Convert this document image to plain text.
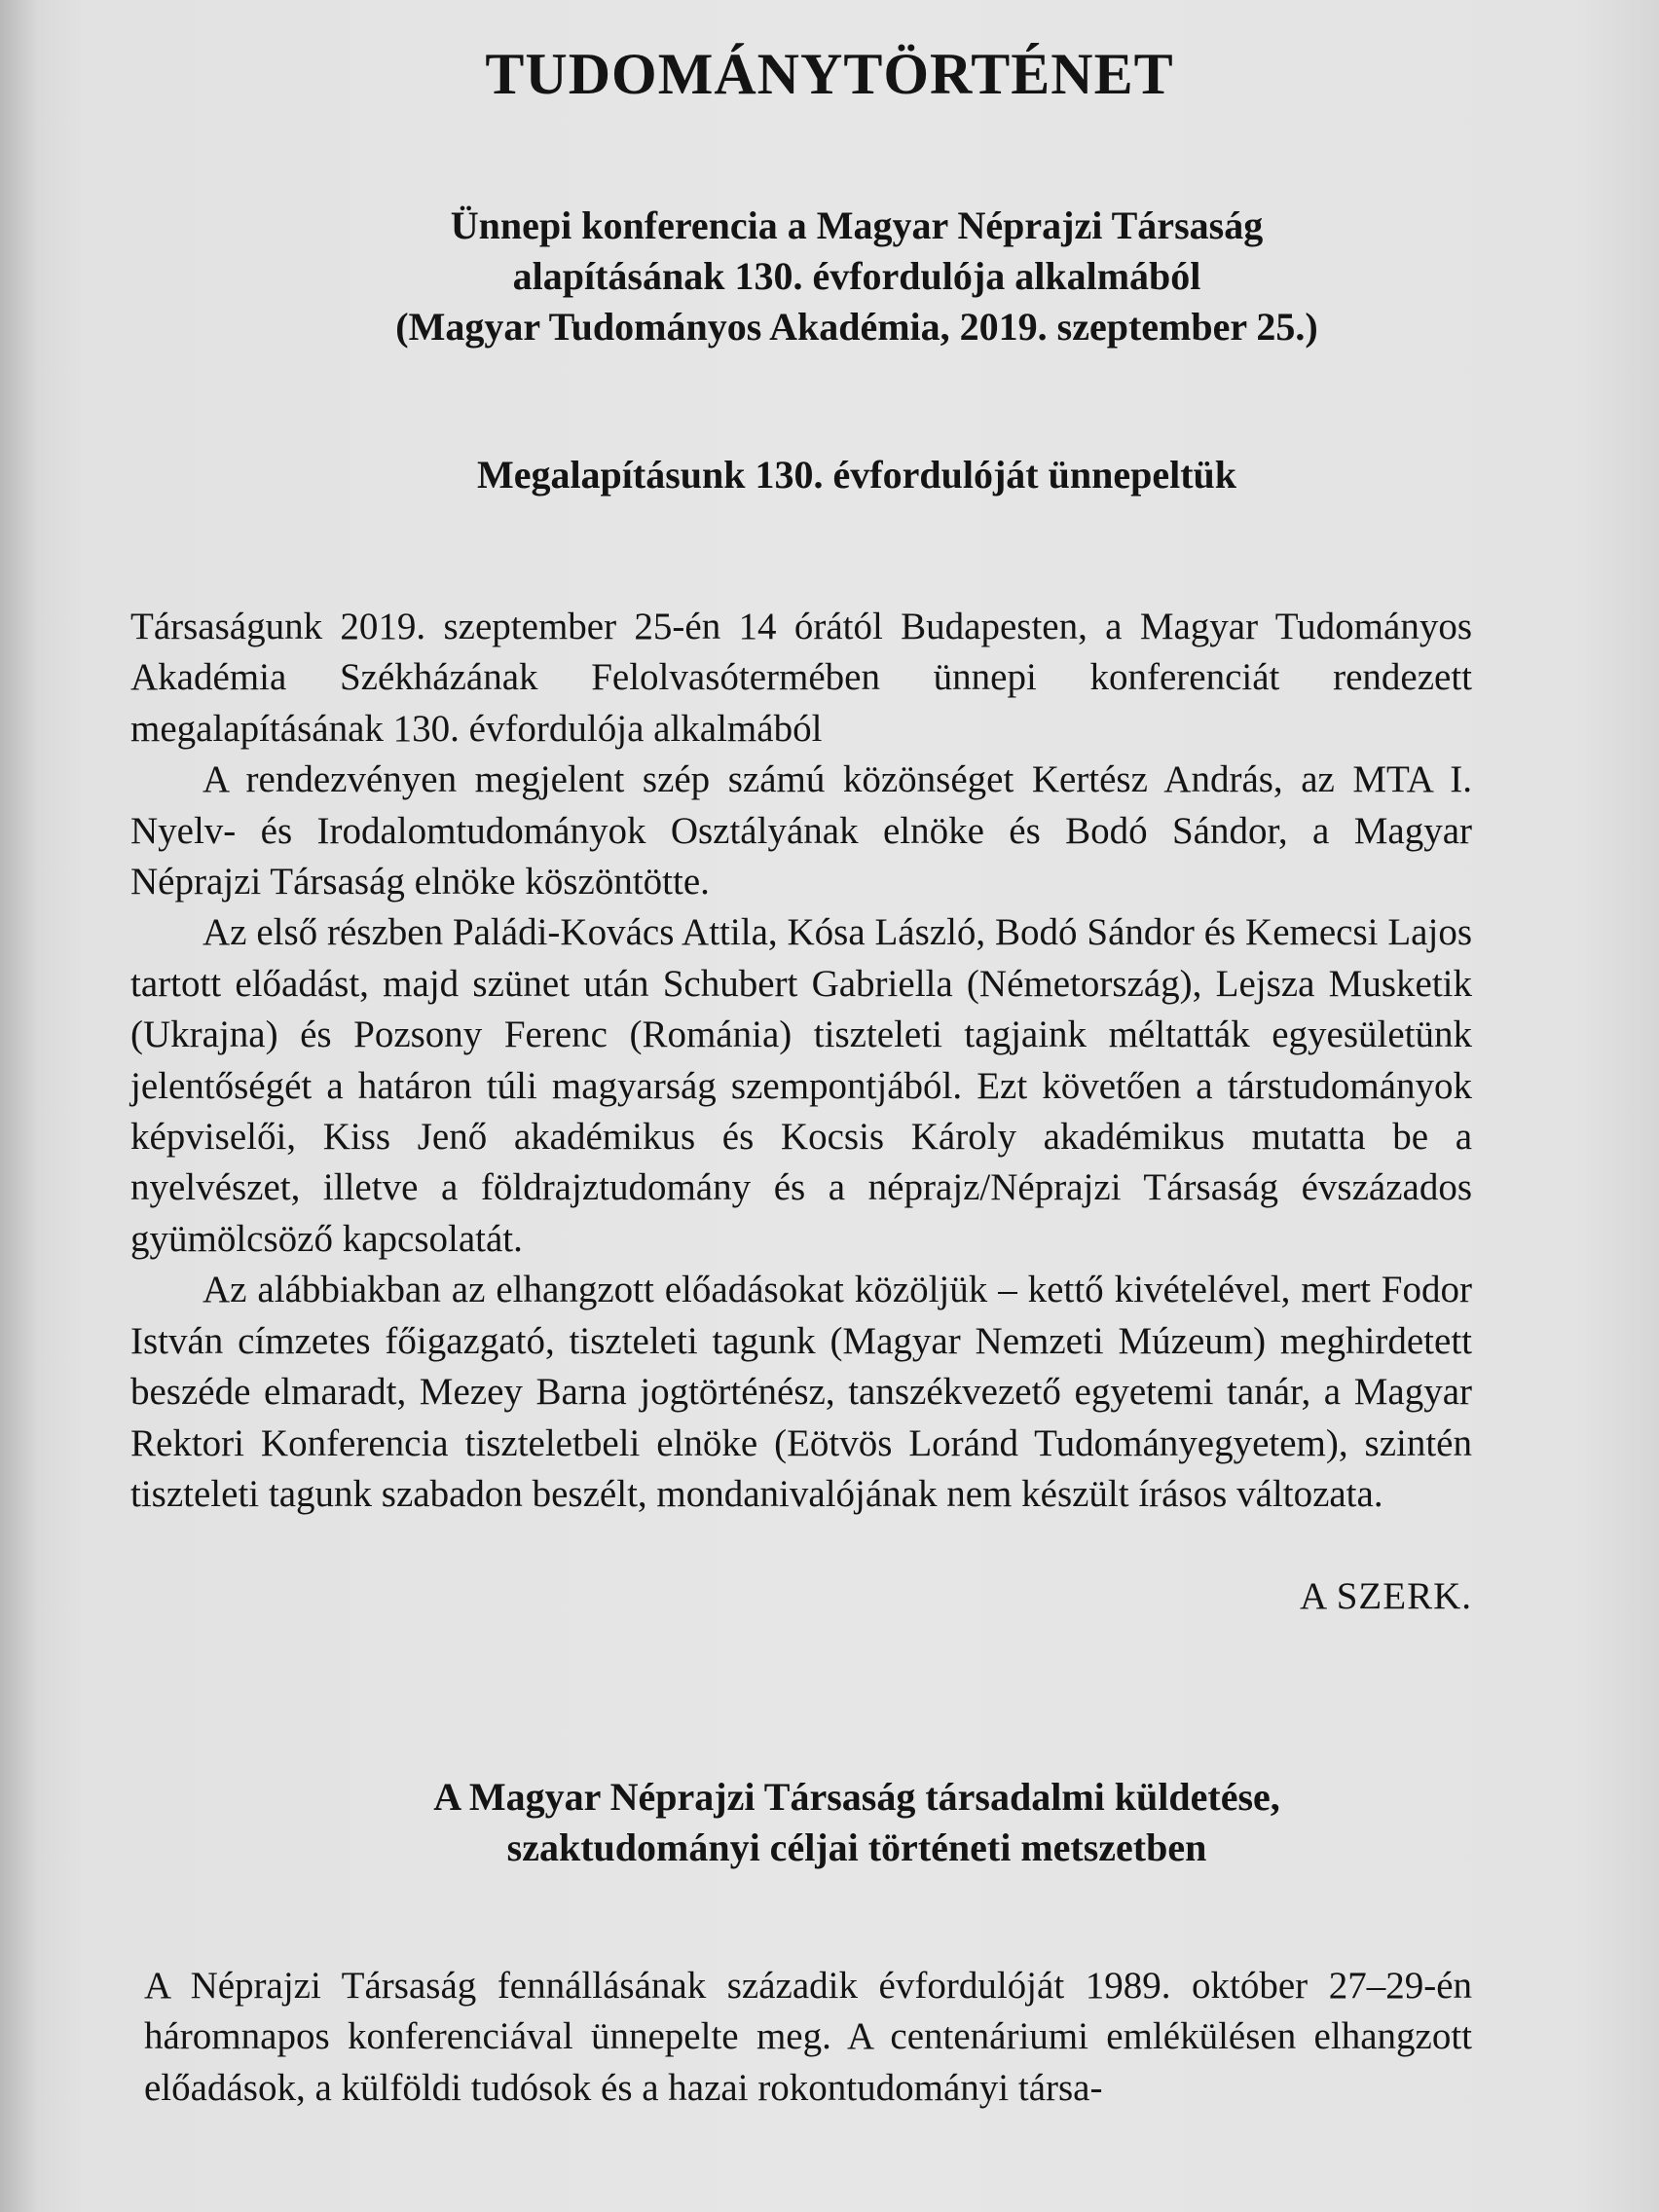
TUDOMÁNYTÖRTÉNET
Ünnepi konferencia a Magyar Néprajzi Társaság
alapításának 130. évfordulója alkalmából
(Magyar Tudományos Akadémia, 2019. szeptember 25.)
Megalapításunk 130. évfordulóját ünnepeltük

Társaságunk 2019. szeptember 25-én 14 órától Budapesten, a Magyar Tudományos Akadémia Székházának Felolvasótermében ünnepi konferenciát rendezett megalapításának 130. évfordulója alkalmából

A rendezvényen megjelent szép számú közönséget Kertész András, az MTA I. Nyelv- és Irodalomtudományok Osztályának elnöke és Bodó Sándor, a Magyar Néprajzi Társaság elnöke köszöntötte.

Az első részben Paládi-Kovács Attila, Kósa László, Bodó Sándor és Kemecsi Lajos tartott előadást, majd szünet után Schubert Gabriella (Németország), Lejsza Musketik (Ukrajna) és Pozsony Ferenc (Románia) tiszteleti tagjaink méltatták egyesületünk jelentőségét a határon túli magyarság szempontjából. Ezt követően a társtudományok képviselői, Kiss Jenő akadémikus és Kocsis Károly akadémikus mutatta be a nyelvészet, illetve a földrajztudomány és a néprajz/Néprajzi Társaság évszázados gyümölcsöző kapcsolatát.

Az alábbiakban az elhangzott előadásokat közöljük – kettő kivételével, mert Fodor István címzetes főigazgató, tiszteleti tagunk (Magyar Nemzeti Múzeum) meghirdetett beszéde elmaradt, Mezey Barna jogtörténész, tanszékvezető egyetemi tanár, a Magyar Rektori Konferencia tiszteletbeli elnöke (Eötvös Loránd Tudományegyetem), szintén tiszteleti tagunk szabadon beszélt, mondanivalójának nem készült írásos változata.

A SZERK.
A Magyar Néprajzi Társaság társadalmi küldetése,
szaktudományi céljai történeti metszetben

A Néprajzi Társaság fennállásának századik évfordulóját 1989. október 27–29-én háromnapos konferenciával ünnepelte meg. A centenáriumi emlékülésen elhangzott előadások, a külföldi tudósok és a hazai rokontudományi társa-
